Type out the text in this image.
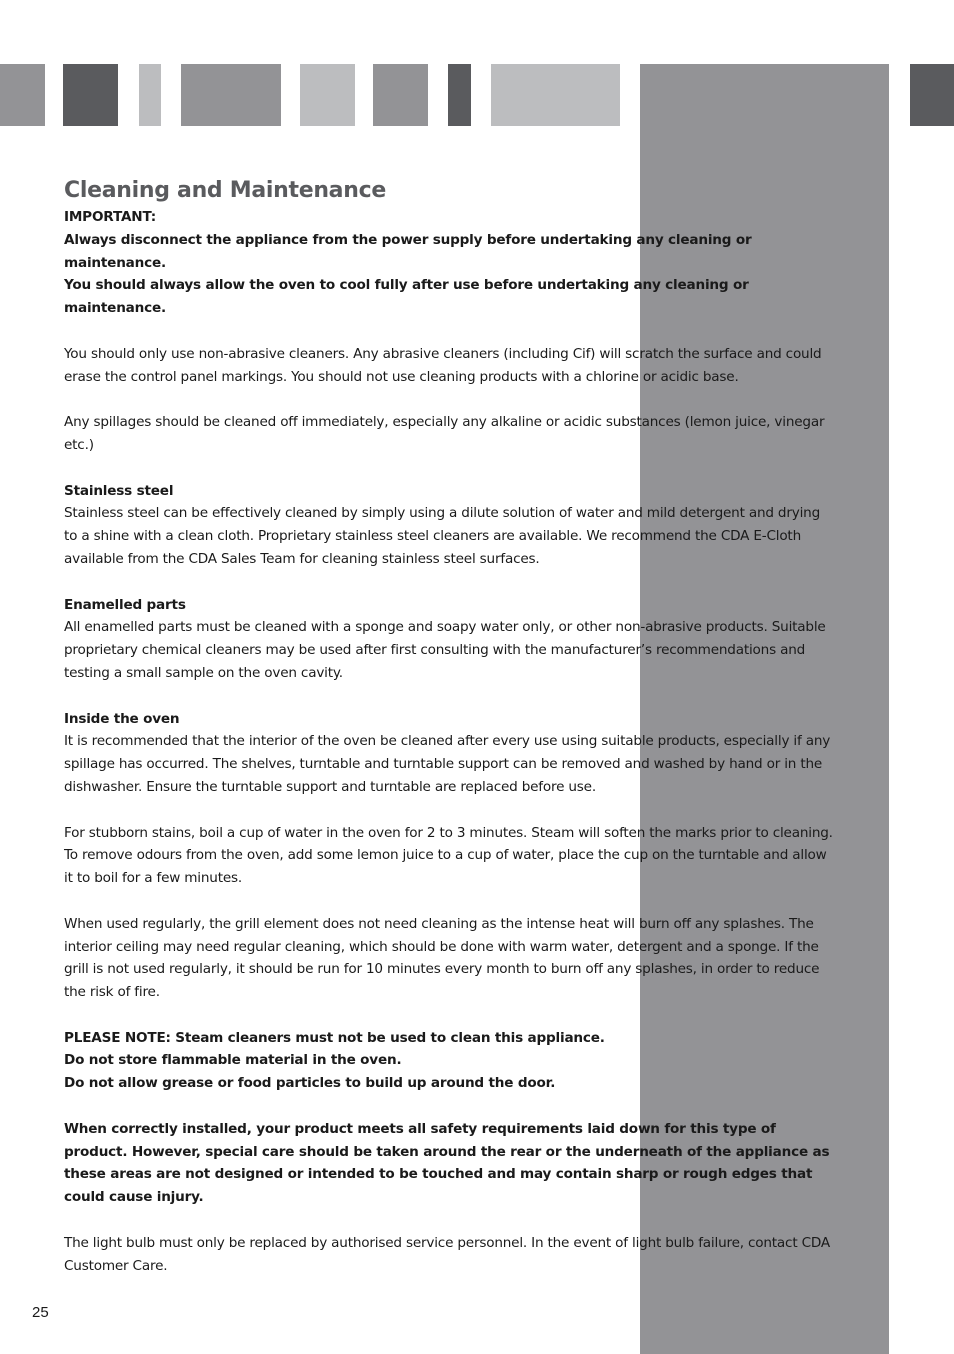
Cleaning and Maintenance

IMPORTANT:

Always disconnect the appliance from the power supply before undertaking any cleaning or maintenance.

You should always allow the oven to cool fully after use before undertaking any cleaning or maintenance.

You should only use non-abrasive cleaners. Any abrasive cleaners (including Cif) will scratch the surface and could erase the control panel markings. You should not use cleaning products with a chlorine or acidic base.

Any spillages should be cleaned off immediately, especially any alkaline or acidic substances (lemon juice, vinegar etc.)

Stainless steel

Stainless steel can be effectively cleaned by simply using a dilute solution of water and mild detergent and drying to a shine with a clean cloth. Proprietary stainless steel cleaners are available. We recommend the CDA E-Cloth available from the CDA Sales Team for cleaning stainless steel surfaces.

Enamelled parts

All enamelled parts must be cleaned with a sponge and soapy water only, or other non-abrasive products. Suitable proprietary chemical cleaners may be used after first consulting with the manufacturer’s recommendations and testing a small sample on the oven cavity.

Inside the oven

It is recommended that the interior of the oven be cleaned after every use using suitable products, especially if any spillage has occurred. The shelves, turntable and turntable support can be removed and washed by hand or in the dishwasher. Ensure the turntable support and turntable are replaced before use.

For stubborn stains, boil a cup of water in the oven for 2 to 3 minutes. Steam will soften the marks prior to cleaning.

To remove odours from the oven, add some lemon juice to a cup of water, place the cup on the turntable and allow it to boil for a few minutes.

When used regularly, the grill element does not need cleaning as the intense heat will burn off any splashes. The interior ceiling may need regular cleaning, which should be done with warm water, detergent and a sponge. If the grill is not used regularly, it should be run for 10 minutes every month to burn off any splashes, in order to reduce the risk of fire.

PLEASE NOTE: Steam cleaners must not be used to clean this appliance.

Do not store flammable material in the oven.

Do not allow grease or food particles to build up around the door.

When correctly installed, your product meets all safety requirements laid down for this type of product. However, special care should be taken around the rear or the underneath of the appliance as these areas are not designed or intended to be touched and may contain sharp or rough edges that could cause injury.

The light bulb must only be replaced by authorised service personnel. In the event of light bulb failure, contact CDA Customer Care.

25
